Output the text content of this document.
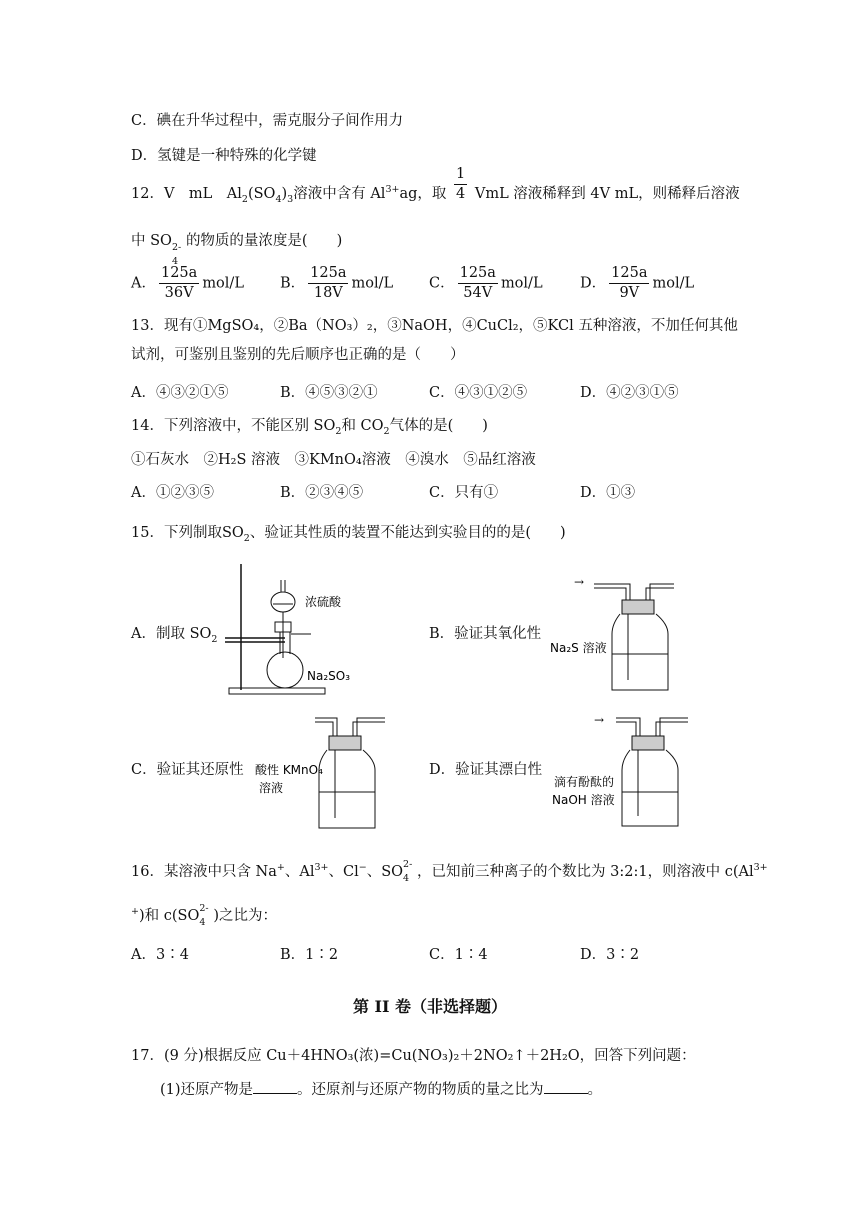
C．碘在升华过程中，需克服分子间作用力
D．氢键是一种特殊的化学键
12．V　mL　$Al_2(SO_4)_3$溶液中含有 $Al^{3+}ag$，取 $\frac{1}{4}$ VmL 溶液稀释到 4V mL，则稀释后溶液
中 SO 2-
4
的物质的量浓度是(　　)
A． $\frac{125a}{36V} mol/L$ B． $\frac{125a}{18V} mol/L$ C． $\frac{125a}{54V} mol/L$	D． $\frac{125a}{9V} mol/L$
13．现有①MgSO₄，②Ba（NO₃）₂，③NaOH，④CuCl₂，⑤KCl 五种溶液，不加任何其他
试剂，可鉴别且鉴别的先后顺序也正确的是（　　）
A．④③②①⑤	B．④⑤③②①	C．④③①②⑤	D．④②③①⑤
14．下列溶液中，不能区别 $SO_2$和 $CO_2$气体的是(　　)
①石灰水　②H₂S 溶液　③KMnO₄溶液　④溴水　⑤品红溶液
A．①②③⑤	B．②③④⑤	C．只有①	D．①③
15．下列制取$SO_2$、验证其性质的装置不能达到实验目的的是(　　)
A．制取 $SO_2$	B．验证其氧化性
C．验证其还原性	D．验证其漂白性
浓硫酸
Na₂SO₃
→
Na₂S 溶液
酸性 KMnO₄
溶液
→
滴有酚酞的
NaOH 溶液
16．某溶液中只含 Na+、$Al^{3+}$、Cl−、SO 2-
4 ，已知前三种离子的个数比为 3:2:1，则溶液中 $c(Al^{3+}$
+)和 c(SO 2-
4 )之比为：
A．3∶4	B．1∶2	C．1∶4	D．3∶2
第 II 卷（非选择题）
17．(9 分)根据反应 Cu＋4HNO₃(浓)=Cu(NO₃)₂＋2NO₂↑＋2H₂O，回答下列问题：
(1)还原产物是	。还原剂与还原产物的物质的量之比为	。
